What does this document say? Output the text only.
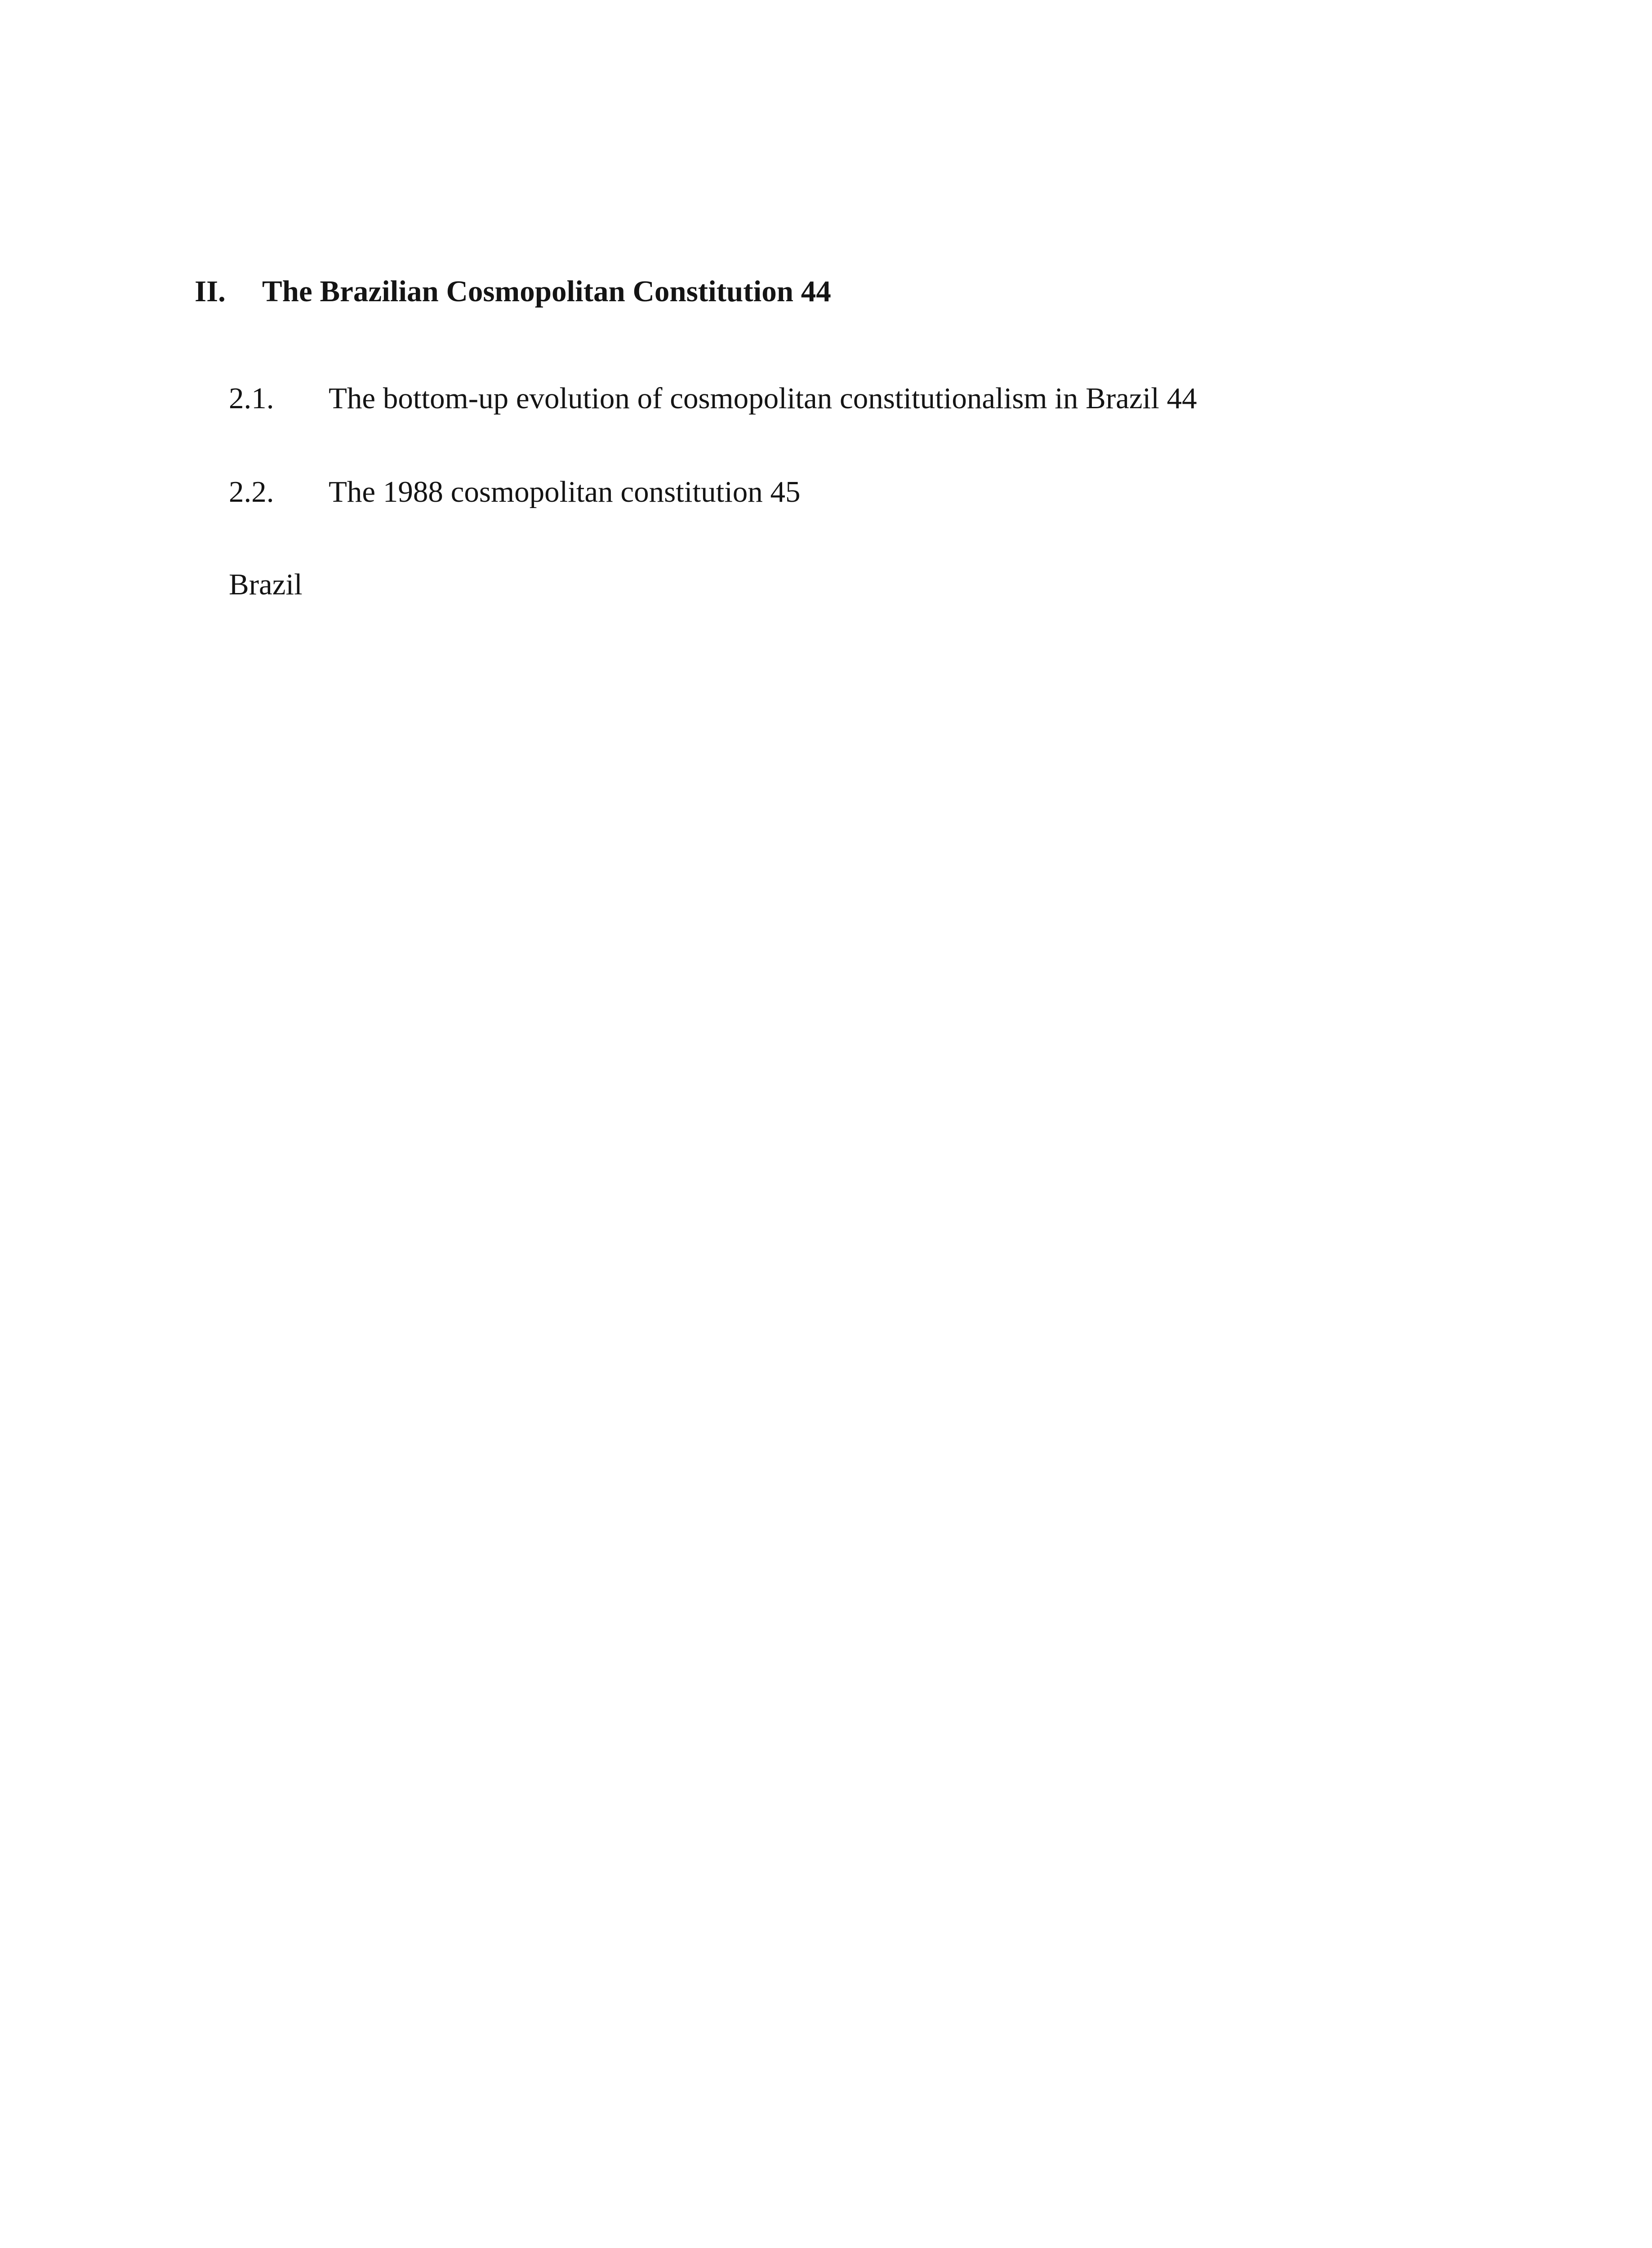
II. The Brazilian Cosmopolitan Constitution 44
2.1. The bottom-up evolution of cosmopolitan constitutionalism in Brazil 44
2.2. The 1988 cosmopolitan constitution 45
Brazil
